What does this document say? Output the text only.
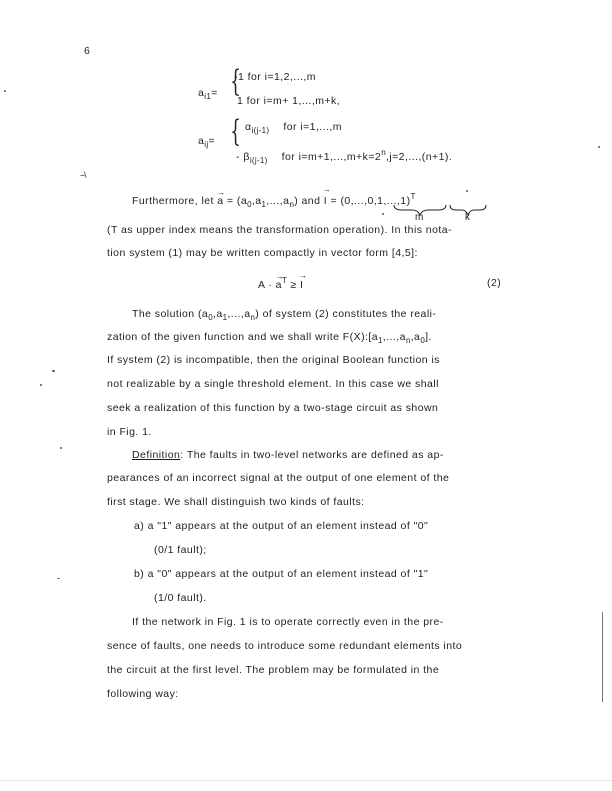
6
$a_{i1}=$ {
-1 for i=1,2,...,m
1 for i=m+ 1,...,m+k,
$a_{ij}=$ { $\alpha_{i(j-1)}$ for i=1,...,m
- $\beta_{i(j-1)}$ for $i=m+1,...,m+k=2^n,j=2,...,(n+1)$.
--\
Furthermore, let a
→
= $(a_0,a_1,...,a_n)$ and I
→
= $(0,...,0,1,...,1)^T$
m	k
(T as upper index means the transformation operation). In this nota-
tion system (1) may be written compactly in vector form [4,5]:
A · a
→
$^T$ ≥ I
→
(2)
The solution $(a_0,a_1,...,a_n)$ of system (2) constitutes the reali-
zation of the given function and we shall write $F(X):[a_1,...,a_n,a_0]$.
If system (2) is incompatible, then the original Boolean function is
not realizable by a single threshold element. In this case we shall
seek a realization of this function by a two-stage circuit as shown
in Fig. 1.
Definition: The faults in two-level networks are defined as ap-
pearances of an incorrect signal at the output of one element of the
first stage. We shall distinguish two kinds of faults:
a) a "1" appears at the output of an element instead of "0"
(0/1 fault);
b) a "0" appears at the output of an element instead of "1"
(1/0 fault).
If the network in Fig. 1 is to operate correctly even in the pre-
sence of faults, one needs to introduce some redundant elements into
the circuit at the first level. The problem may be formulated in the
following way:
